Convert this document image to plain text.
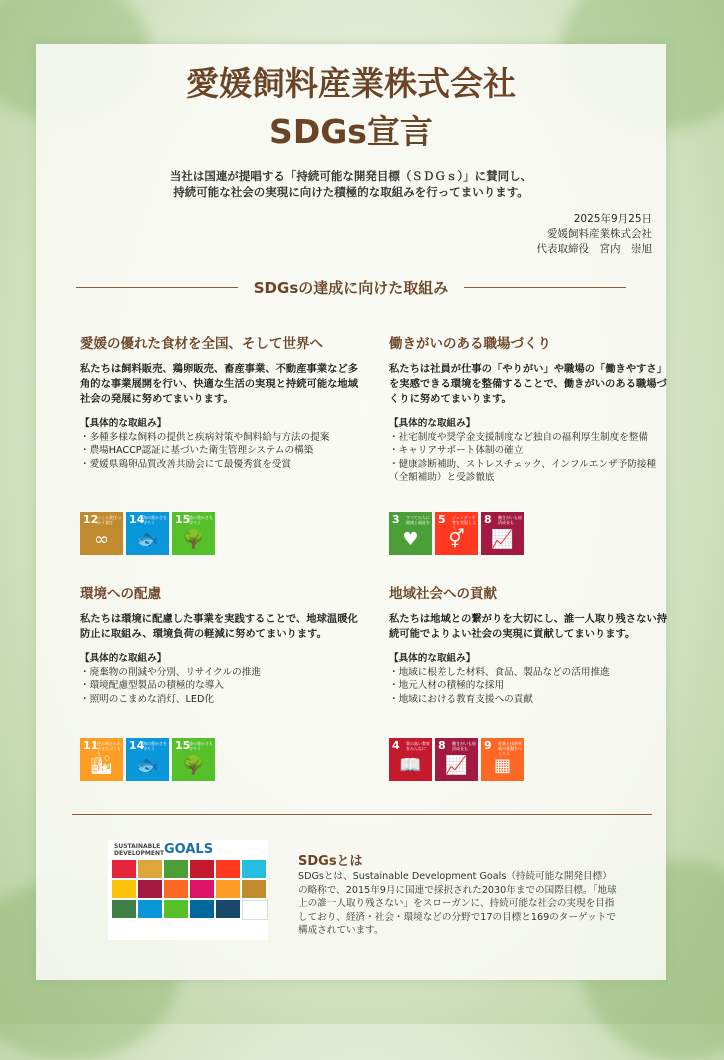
愛媛飼料産業株式会社
SDGs宣言
当社は国連が提唱する「持続可能な開発目標（ＳＤＧｓ）」に賛同し、
持続可能な社会の実現に向けた積極的な取組みを行ってまいります。
2025年9月25日
愛媛飼料産業株式会社
代表取締役　宮内　崇旭
SDGsの達成に向けた取組み
愛媛の優れた食材を全国、そして世界へ
私たちは飼料販売、鶏卵販売、畜産事業、不動産事業など多角的な事業展開を行い、快適な生活の実現と持続可能な地域社会の発展に努めてまいります。
【具体的な取組み】
・多種多様な飼料の提供と疾病対策や飼料給与方法の提案
・農場HACCP認証に基づいた衛生管理システムの構築
・愛媛県鶏卵品質改善共励会にて最優秀賞を受賞
12
つくる責任つかう責任
∞
14
海の豊かさを守ろう
🐟
15
陸の豊かさも守ろう
🌳
働きがいのある職場づくり
私たちは社員が仕事の「やりがい」や職場の「働きやすさ」を実感できる環境を整備することで、働きがいのある職場づくりに努めてまいります。
【具体的な取組み】
・社宅制度や奨学金支援制度など独自の福利厚生制度を整備
・キャリアサポート体制の確立
・健康診断補助、ストレスチェック、インフルエンザ予防接種（全額補助）と受診徹底
3 すべての人に健康と福祉を
♥
5 ジェンダー平等を実現しよう
⚥
8 働きがいも経済成長も
📈
環境への配慮
私たちは環境に配慮した事業を実践することで、地球温暖化防止に取組み、環境負荷の軽減に努めてまいります。
【具体的な取組み】
・廃棄物の削減や分別、リサイクルの推進
・環境配慮型製品の積極的な導入
・照明のこまめな消灯、LED化
11
住み続けられるまちづくりを
🏙
14
海の豊かさを守ろう
🐟
15
陸の豊かさも守ろう
🌳
地域社会への貢献
私たちは地域との繋がりを大切にし、誰一人取り残さない持続可能でよりよい社会の実現に貢献してまいります。
【具体的な取組み】
・地域に根差した材料、食品、製品などの活用推進
・地元人材の積極的な採用
・地域における教育支援への貢献
4 質の高い教育をみんなに
📖
8 働きがいも経済成長も
📈
9 産業と技術革新の基盤をつくろう
▦
SUSTAINABLE
DEVELOPMENT GOALS
SDGsとは
SDGsとは、Sustainable Development Goals（持続可能な開発目標）の略称で、2015年9月に国連で採択された2030年までの国際目標。「地球上の誰一人取り残さない」をスローガンに、持続可能な社会の実現を目指しており、経済・社会・環境などの分野で17の目標と169のターゲットで構成されています。
